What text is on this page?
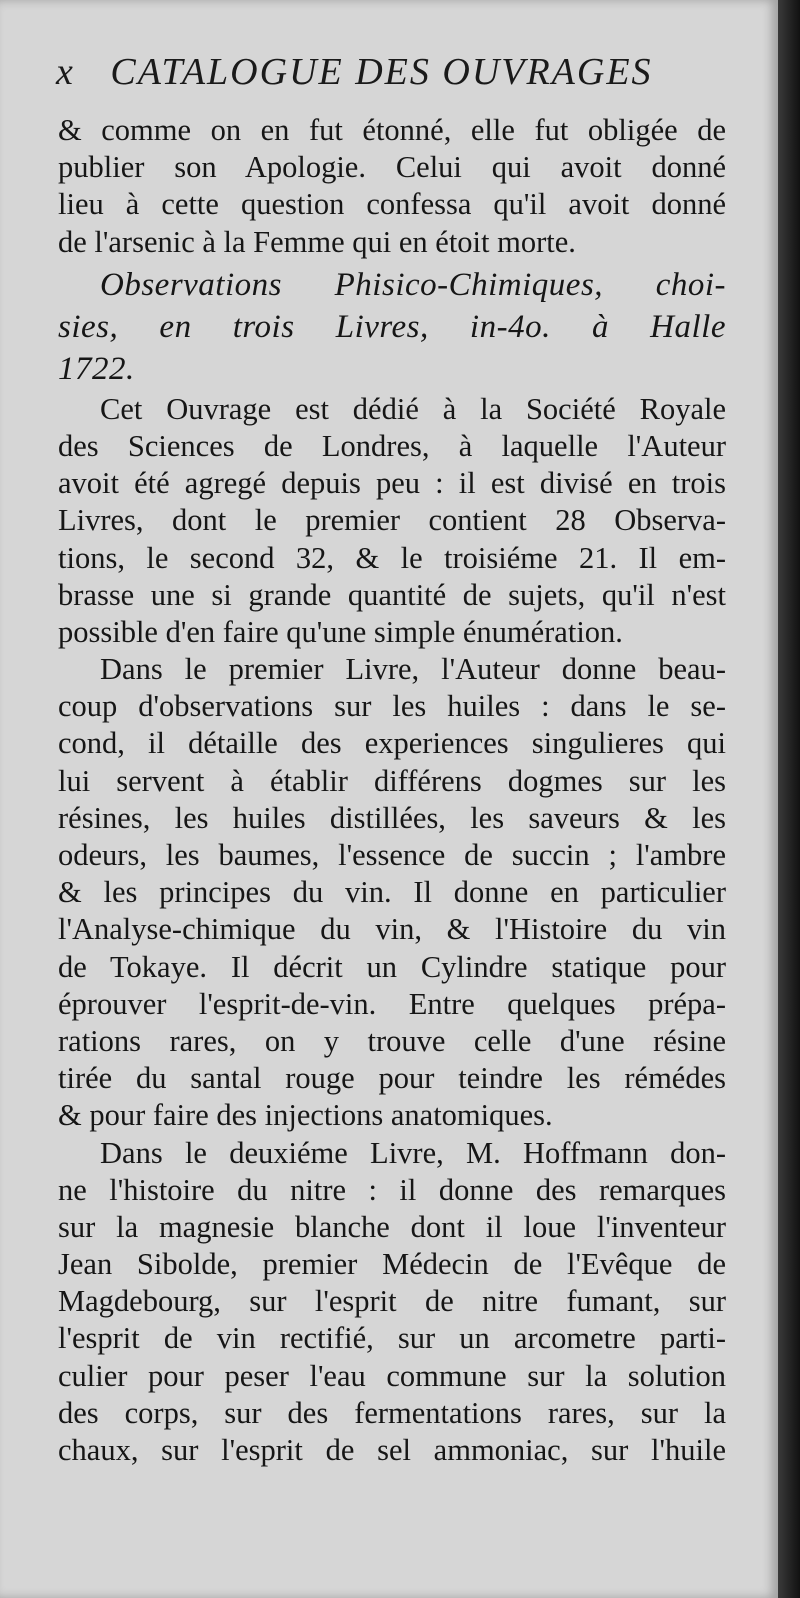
x CATALOGUE DES OUVRAGES

& comme on en fut étonné, elle fut obligée de
publier son Apologie. Celui qui avoit donné
lieu à cette question confessa qu'il avoit donné
de l'arsenic à la Femme qui en étoit morte.

Observations Phisico-Chimiques, choi-
sies, en trois Livres, in-4o. à Halle
1722.

Cet Ouvrage est dédié à la Société Royale
des Sciences de Londres, à laquelle l'Auteur
avoit été agregé depuis peu : il est divisé en trois
Livres, dont le premier contient 28 Observa-
tions, le second 32, & le troisiéme 21. Il em-
brasse une si grande quantité de sujets, qu'il n'est
possible d'en faire qu'une simple énumération.

Dans le premier Livre, l'Auteur donne beau-
coup d'observations sur les huiles : dans le se-
cond, il détaille des experiences singulieres qui
lui servent à établir différens dogmes sur les
résines, les huiles distillées, les saveurs & les
odeurs, les baumes, l'essence de succin ; l'ambre
& les principes du vin. Il donne en particulier
l'Analyse-chimique du vin, & l'Histoire du vin
de Tokaye. Il décrit un Cylindre statique pour
éprouver l'esprit-de-vin. Entre quelques prépa-
rations rares, on y trouve celle d'une résine
tirée du santal rouge pour teindre les rémédes
& pour faire des injections anatomiques.

Dans le deuxiéme Livre, M. Hoffmann don-
ne l'histoire du nitre : il donne des remarques
sur la magnesie blanche dont il loue l'inventeur
Jean Sibolde, premier Médecin de l'Evêque de
Magdebourg, sur l'esprit de nitre fumant, sur
l'esprit de vin rectifié, sur un arcometre parti-
culier pour peser l'eau commune sur la solution
des corps, sur des fermentations rares, sur la
chaux, sur l'esprit de sel ammoniac, sur l'huile
